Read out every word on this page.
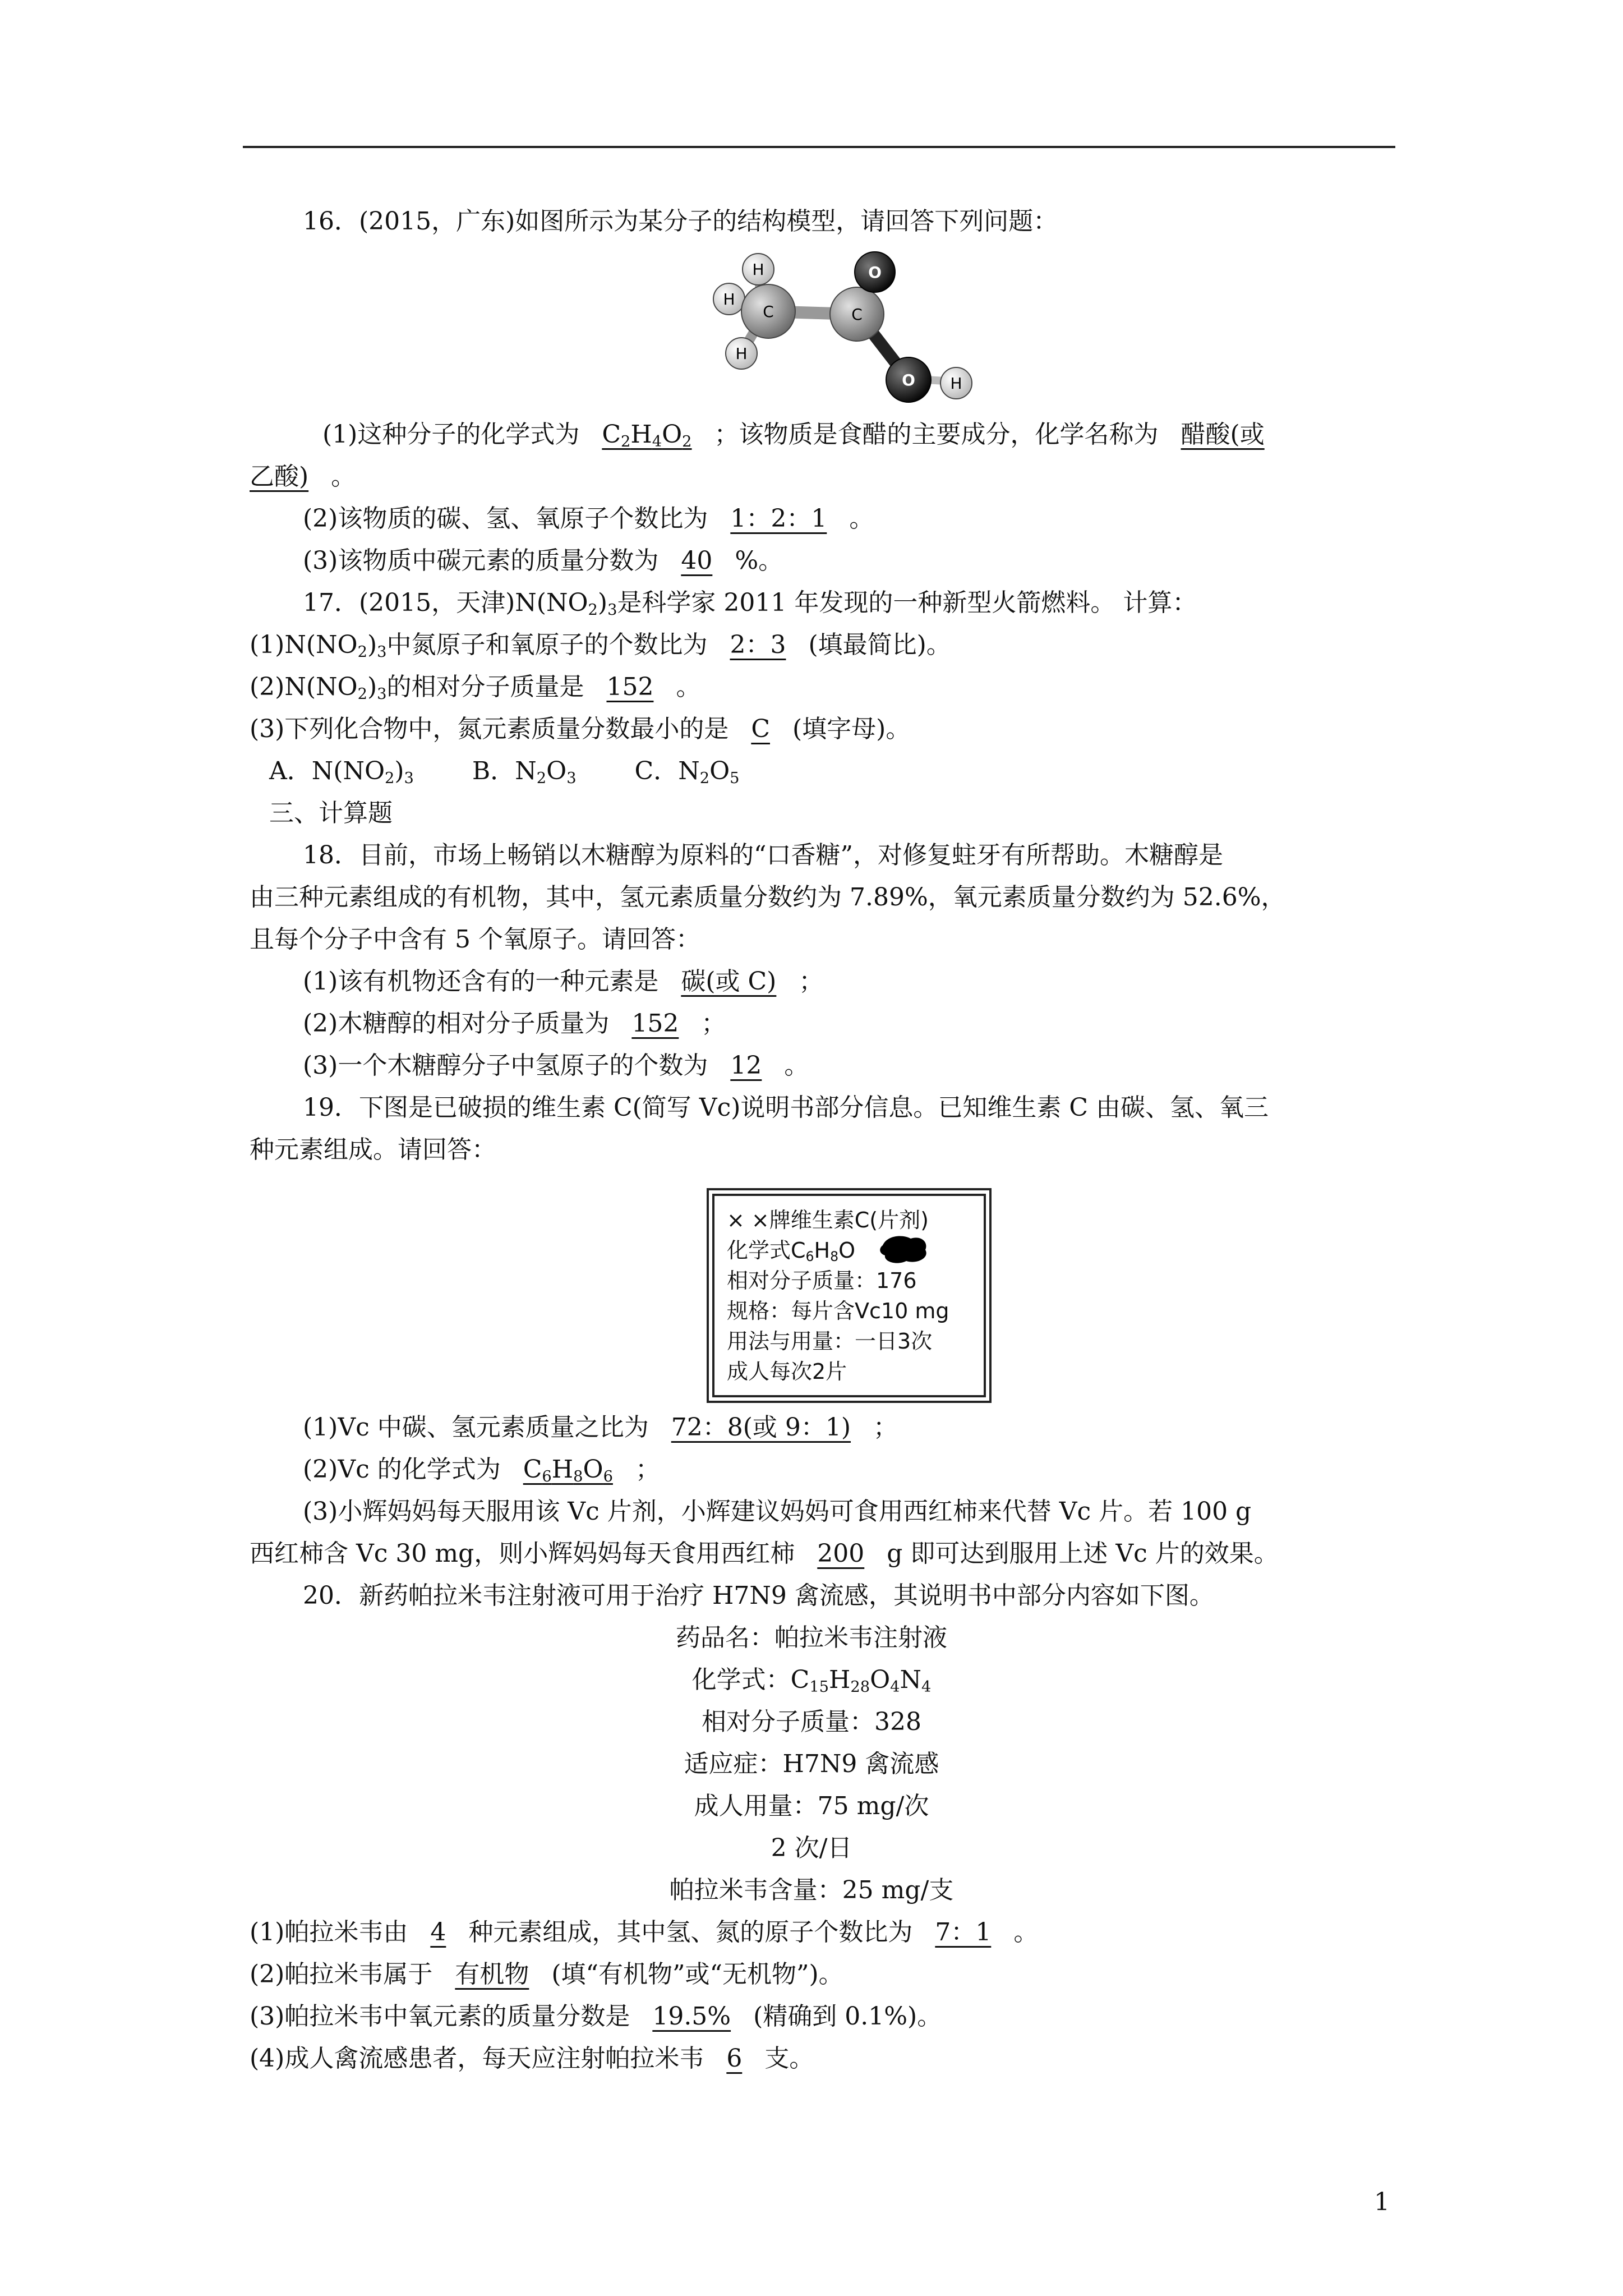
16．(2015，广东)如图所示为某分子的结构模型，请回答下列问题：
H
H
H
C	C
O
O H
(1)这种分子的化学式为 $C_2H_4O_2$ ；该物质是食醋的主要成分，化学名称为 醋酸(或
乙酸) 。
(2)该物质的碳、氢、氧原子个数比为 1：2：1 。
(3)该物质中碳元素的质量分数为 40 %。
17．(2015，天津)$N(NO_2)_3$是科学家 2011 年发现的一种新型火箭燃料。 计算：
$(1)N(NO_2)_3$中氮原子和氧原子的个数比为 2：3 (填最简比)。
$(2)N(NO_2)_3$的相对分子质量是 152 。
(3)下列化合物中，氮元素质量分数最小的是 C (填字母)。
A．$N(NO_2)_3$ B．$N_2O_3$ C．$N_2O_5$
三、计算题
18．目前，市场上畅销以木糖醇为原料的“口香糖”，对修复蛀牙有所帮助。木糖醇是
由三种元素组成的有机物，其中，氢元素质量分数约为 7.89%，氧元素质量分数约为 52.6%，
且每个分子中含有 5 个氧原子。请回答：
(1)该有机物还含有的一种元素是 碳(或 C) ；
(2)木糖醇的相对分子质量为 152 ；
(3)一个木糖醇分子中氢原子的个数为 12 。
19．下图是已破损的维生素 C(简写 Vc)说明书部分信息。已知维生素 C 由碳、氢、氧三
种元素组成。请回答：
× ×牌维生素C(片剂)
化学式$C_6H_8O$
相对分子质量：176
规格：每片含Vc10 mg
用法与用量：一日3次
成人每次2片
(1)Vc 中碳、氢元素质量之比为 72：8(或 9：1) ；
(2)Vc 的化学式为 $C_6H_8O_6$ ；
(3)小辉妈妈每天服用该 Vc 片剂，小辉建议妈妈可食用西红柿来代替 Vc 片。若 100 g
西红柿含 Vc 30 mg，则小辉妈妈每天食用西红柿 200 g 即可达到服用上述 Vc 片的效果。
20．新药帕拉米韦注射液可用于治疗 H7N9 禽流感，其说明书中部分内容如下图。
药品名：帕拉米韦注射液
化学式：$C_{15}H_{28}O_4N_4$
相对分子质量：328
适应症：H7N9 禽流感
成人用量：75 mg/次
2 次/日
帕拉米韦含量：25 mg/支
(1)帕拉米韦由 4 种元素组成，其中氢、氮的原子个数比为 7：1 。
(2)帕拉米韦属于 有机物 (填“有机物”或“无机物”)。
(3)帕拉米韦中氧元素的质量分数是 19.5% (精确到 0.1%)。
(4)成人禽流感患者，每天应注射帕拉米韦 6 支。
1
